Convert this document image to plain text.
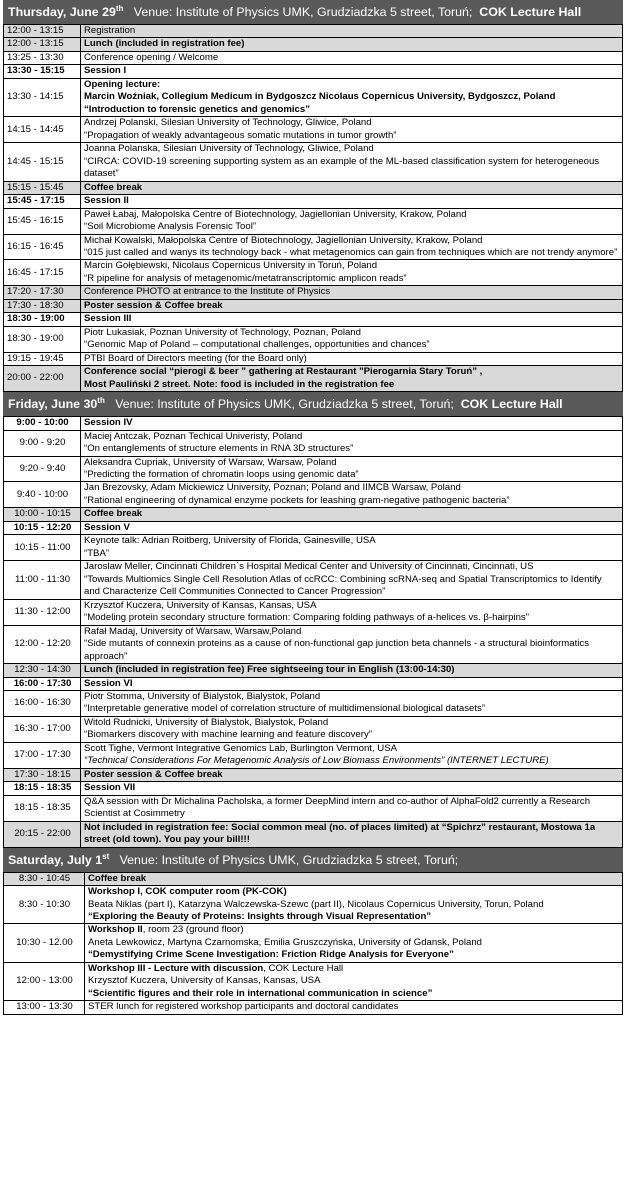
Thursday, June 29th Venue: Institute of Physics UMK, Grudziadzka 5 street, Toruń; COK Lecture Hall
12:00 - 13:15	Registration

12:00 - 13:15	Lunch (included in registration fee)

13:25 - 13:30	Conference opening / Welcome

13:30 - 15:15	Session I

13:30 - 14:15	Opening lecture:
Marcin Woźniak, Collegium Medicum in Bydgoszcz Nicolaus Copernicus University, Bydgoszcz, Poland
“Introduction to forensic genetics and genomics”

14:15 - 14:45	Andrzej Polanski, Silesian University of Technology, Gliwice, Poland
“Propagation of weakly advantageous somatic mutations in tumor growth”

14:45 - 15:15	Joanna Polanska, Silesian University of Technology, Gliwice, Poland
“CIRCA: COVID-19 screening supporting system as an example of the ML-based classification system for heterogeneous dataset”

15:15 - 15:45	Coffee break

15:45 - 17:15	Session II

15:45 - 16:15	Paweł Łabaj, Małopolska Centre of Biotechnology, Jagiellonian University, Krakow, Poland
“Soil Microbiome Analysis Forensic Tool”

16:15 - 16:45	Michał Kowalski, Małopolska Centre of Biotechnology, Jagiellonian University, Krakow, Poland
“015 just called and wanys its technology back - what metagenomics can gain from techniques which are not trendy anymore”

16:45 - 17:15	Marcin Gołębiewski, Nicolaus Copernicus University in Toruń, Poland
“R pipeline for analysis of metagenomic/metatranscriptomic amplicon reads”

17:20 - 17:30	Conference PHOTO at entrance to the Institute of Physics

17:30 - 18:30	Poster session & Coffee break

18:30 - 19:00	Session III

18:30 - 19:00	Piotr Lukasiak, Poznan University of Technology, Poznan, Poland
“Genomic Map of Poland – computational challenges, opportunities and chances”

19:15 - 19:45	PTBI Board of Directors meeting (for the Board only)

20:00 - 22:00	Conference social “pierogi & beer ” gathering at Restaurant "Pierogarnia Stary Toruń” ,
Most Pauliński 2 street. Note: food is included in the registration fee
Friday, June 30th Venue: Institute of Physics UMK, Grudziadzka 5 street, Toruń; COK Lecture Hall
9:00 - 10:00	Session IV

9:00 - 9:20	Maciej Antczak, Poznan Techical Univeristy, Poland
“On entanglements of structure elements in RNA 3D structures”

9:20 - 9:40	Aleksandra Cupriak, University of Warsaw, Warsaw, Poland
“Predicting the formation of chromatin loops using genomic data”

9:40 - 10:00	Jan Brezovsky, Adam Mickiewicz University, Poznan; Poland and IIMCB Warsaw, Poland
“Rational engineering of dynamical enzyme pockets for leashing gram-negative pathogenic bacteria”

10:00 - 10:15	Coffee break

10:15 - 12:20	Session V

10:15 - 11:00	Keynote talk: Adrian Roitberg, University of Florida, Gainesville, USA
“TBA”

11:00 - 11:30	Jaroslaw Meller, Cincinnati Children`s Hospital Medical Center and University of Cincinnati, Cincinnati, US
“Towards Multiomics Single Cell Resolution Atlas of ccRCC: Combining scRNA-seq and Spatial Transcriptomics to Identify and Characterize Cell Communities Connected to Cancer Progression”

11:30 - 12:00	Krzysztof Kuczera, University of Kansas, Kansas, USA
“Modeling protein secondary structure formation: Comparing folding pathways of a-helices vs. β-hairpins”

12:00 - 12:20	Rafał Madaj, University of Warsaw, Warsaw,Poland
“Side mutants of connexin proteins as a cause of non-functional gap junction beta channels - a structural bioinformatics approach”

12:30 - 14:30	Lunch (included in registration fee) Free sightseeing tour in English (13:00-14:30)

16:00 - 17:30	Session VI

16:00 - 16:30	Piotr Stomma, University of Bialystok, Bialystok, Poland
“Interpretable generative model of correlation structure of multidimensional biological datasets”

16:30 - 17:00	Witold Rudnicki, University of Bialystok, Bialystok, Poland
“Biomarkers discovery with machine learning and feature discovery”

17:00 - 17:30	Scott Tighe, Vermont Integrative Genomics Lab, Burlington Vermont, USA
“Technical Considerations For Metagenomic Analysis of Low Biomass Environments” (INTERNET LECTURE)

17:30 - 18:15	Poster session & Coffee break

18:15 - 18:35	Session VII

18:15 - 18:35	Q&A session with Dr Michalina Pacholska, a former DeepMind intern and co-author of AlphaFold2 currently a Research Scientist at Cosimmetry

20:15 - 22:00	Not included in registration fee: Social common meal (no. of places limited) at “Spichrz” restaurant, Mostowa 1a street (old town). You pay your bill!!!
Saturday, July 1st Venue: Institute of Physics UMK, Grudziadzka 5 street, Toruń;
8:30 - 10:45	Coffee break

8:30 - 10:30	Workshop I, COK computer room (PK-COK)
Beata Niklas (part I), Katarzyna Walczewska-Szewc (part II), Nicolaus Copernicus University, Torun, Poland
“Exploring the Beauty of Proteins: Insights through Visual Representation”

10:30 - 12.00	Workshop II, room 23 (ground floor)
Aneta Lewkowicz, Martyna Czarnomska, Emilia Gruszczyńska, University of Gdansk, Poland
“Demystifying Crime Scene Investigation: Friction Ridge Analysis for Everyone”

12:00 - 13:00	Workshop III - Lecture with discussion, COK Lecture Hall
Krzysztof Kuczera, University of Kansas, Kansas, USA
“Scientific figures and their role in international communication in science”

13:00 - 13:30	STER lunch for registered workshop participants and doctoral candidates
